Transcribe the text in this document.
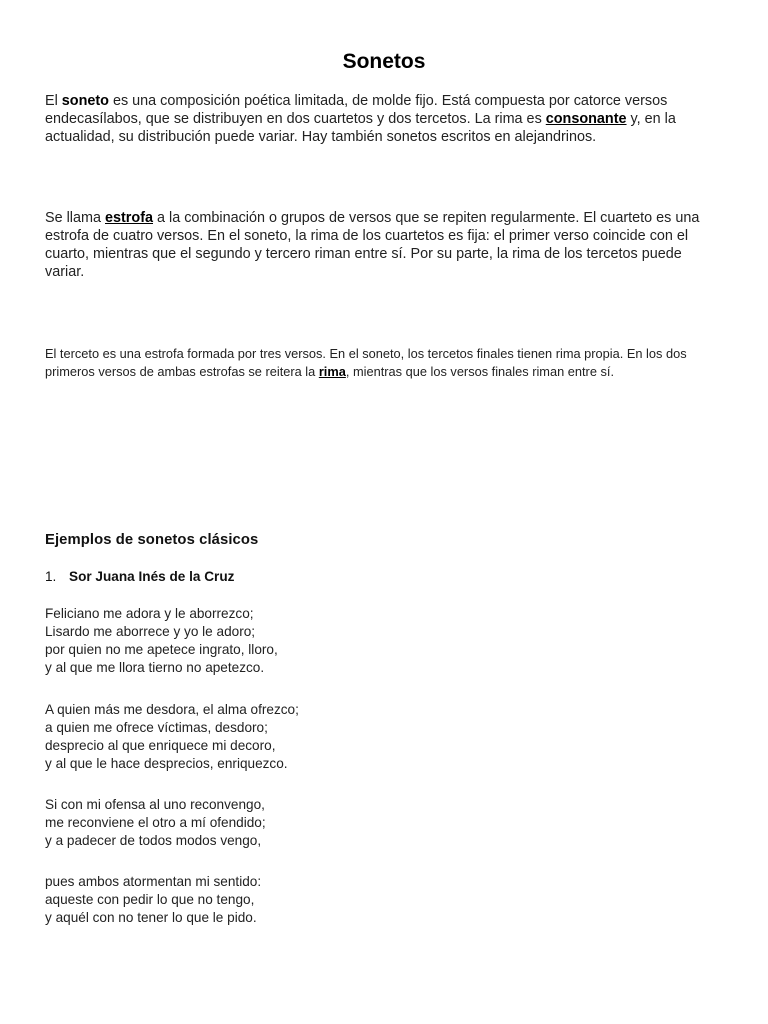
Sonetos

El soneto es una composición poética limitada, de molde fijo. Está compuesta por catorce versos endecasílabos, que se distribuyen en dos cuartetos y dos tercetos. La rima es consonante y, en la actualidad, su distribución puede variar. Hay también sonetos escritos en alejandrinos.

Se llama estrofa a la combinación o grupos de versos que se repiten regularmente. El cuarteto es una estrofa de cuatro versos. En el soneto, la rima de los cuartetos es fija: el primer verso coincide con el cuarto, mientras que el segundo y tercero riman entre sí. Por su parte, la rima de los tercetos puede variar.

El terceto es una estrofa formada por tres versos. En el soneto, los tercetos finales tienen rima propia. En los dos primeros versos de ambas estrofas se reitera la rima, mientras que los versos finales riman entre sí.

Ejemplos de sonetos clásicos
1. Sor Juana Inés de la Cruz
Feliciano me adora y le aborrezco;
Lisardo me aborrece y yo le adoro;
por quien no me apetece ingrato, lloro,
y al que me llora tierno no apetezco.
A quien más me desdora, el alma ofrezco;
a quien me ofrece víctimas, desdoro;
desprecio al que enriquece mi decoro,
y al que le hace desprecios, enriquezco.
Si con mi ofensa al uno reconvengo,
me reconviene el otro a mí ofendido;
y a padecer de todos modos vengo,
pues ambos atormentan mi sentido:
aqueste con pedir lo que no tengo,
y aquél con no tener lo que le pido.
